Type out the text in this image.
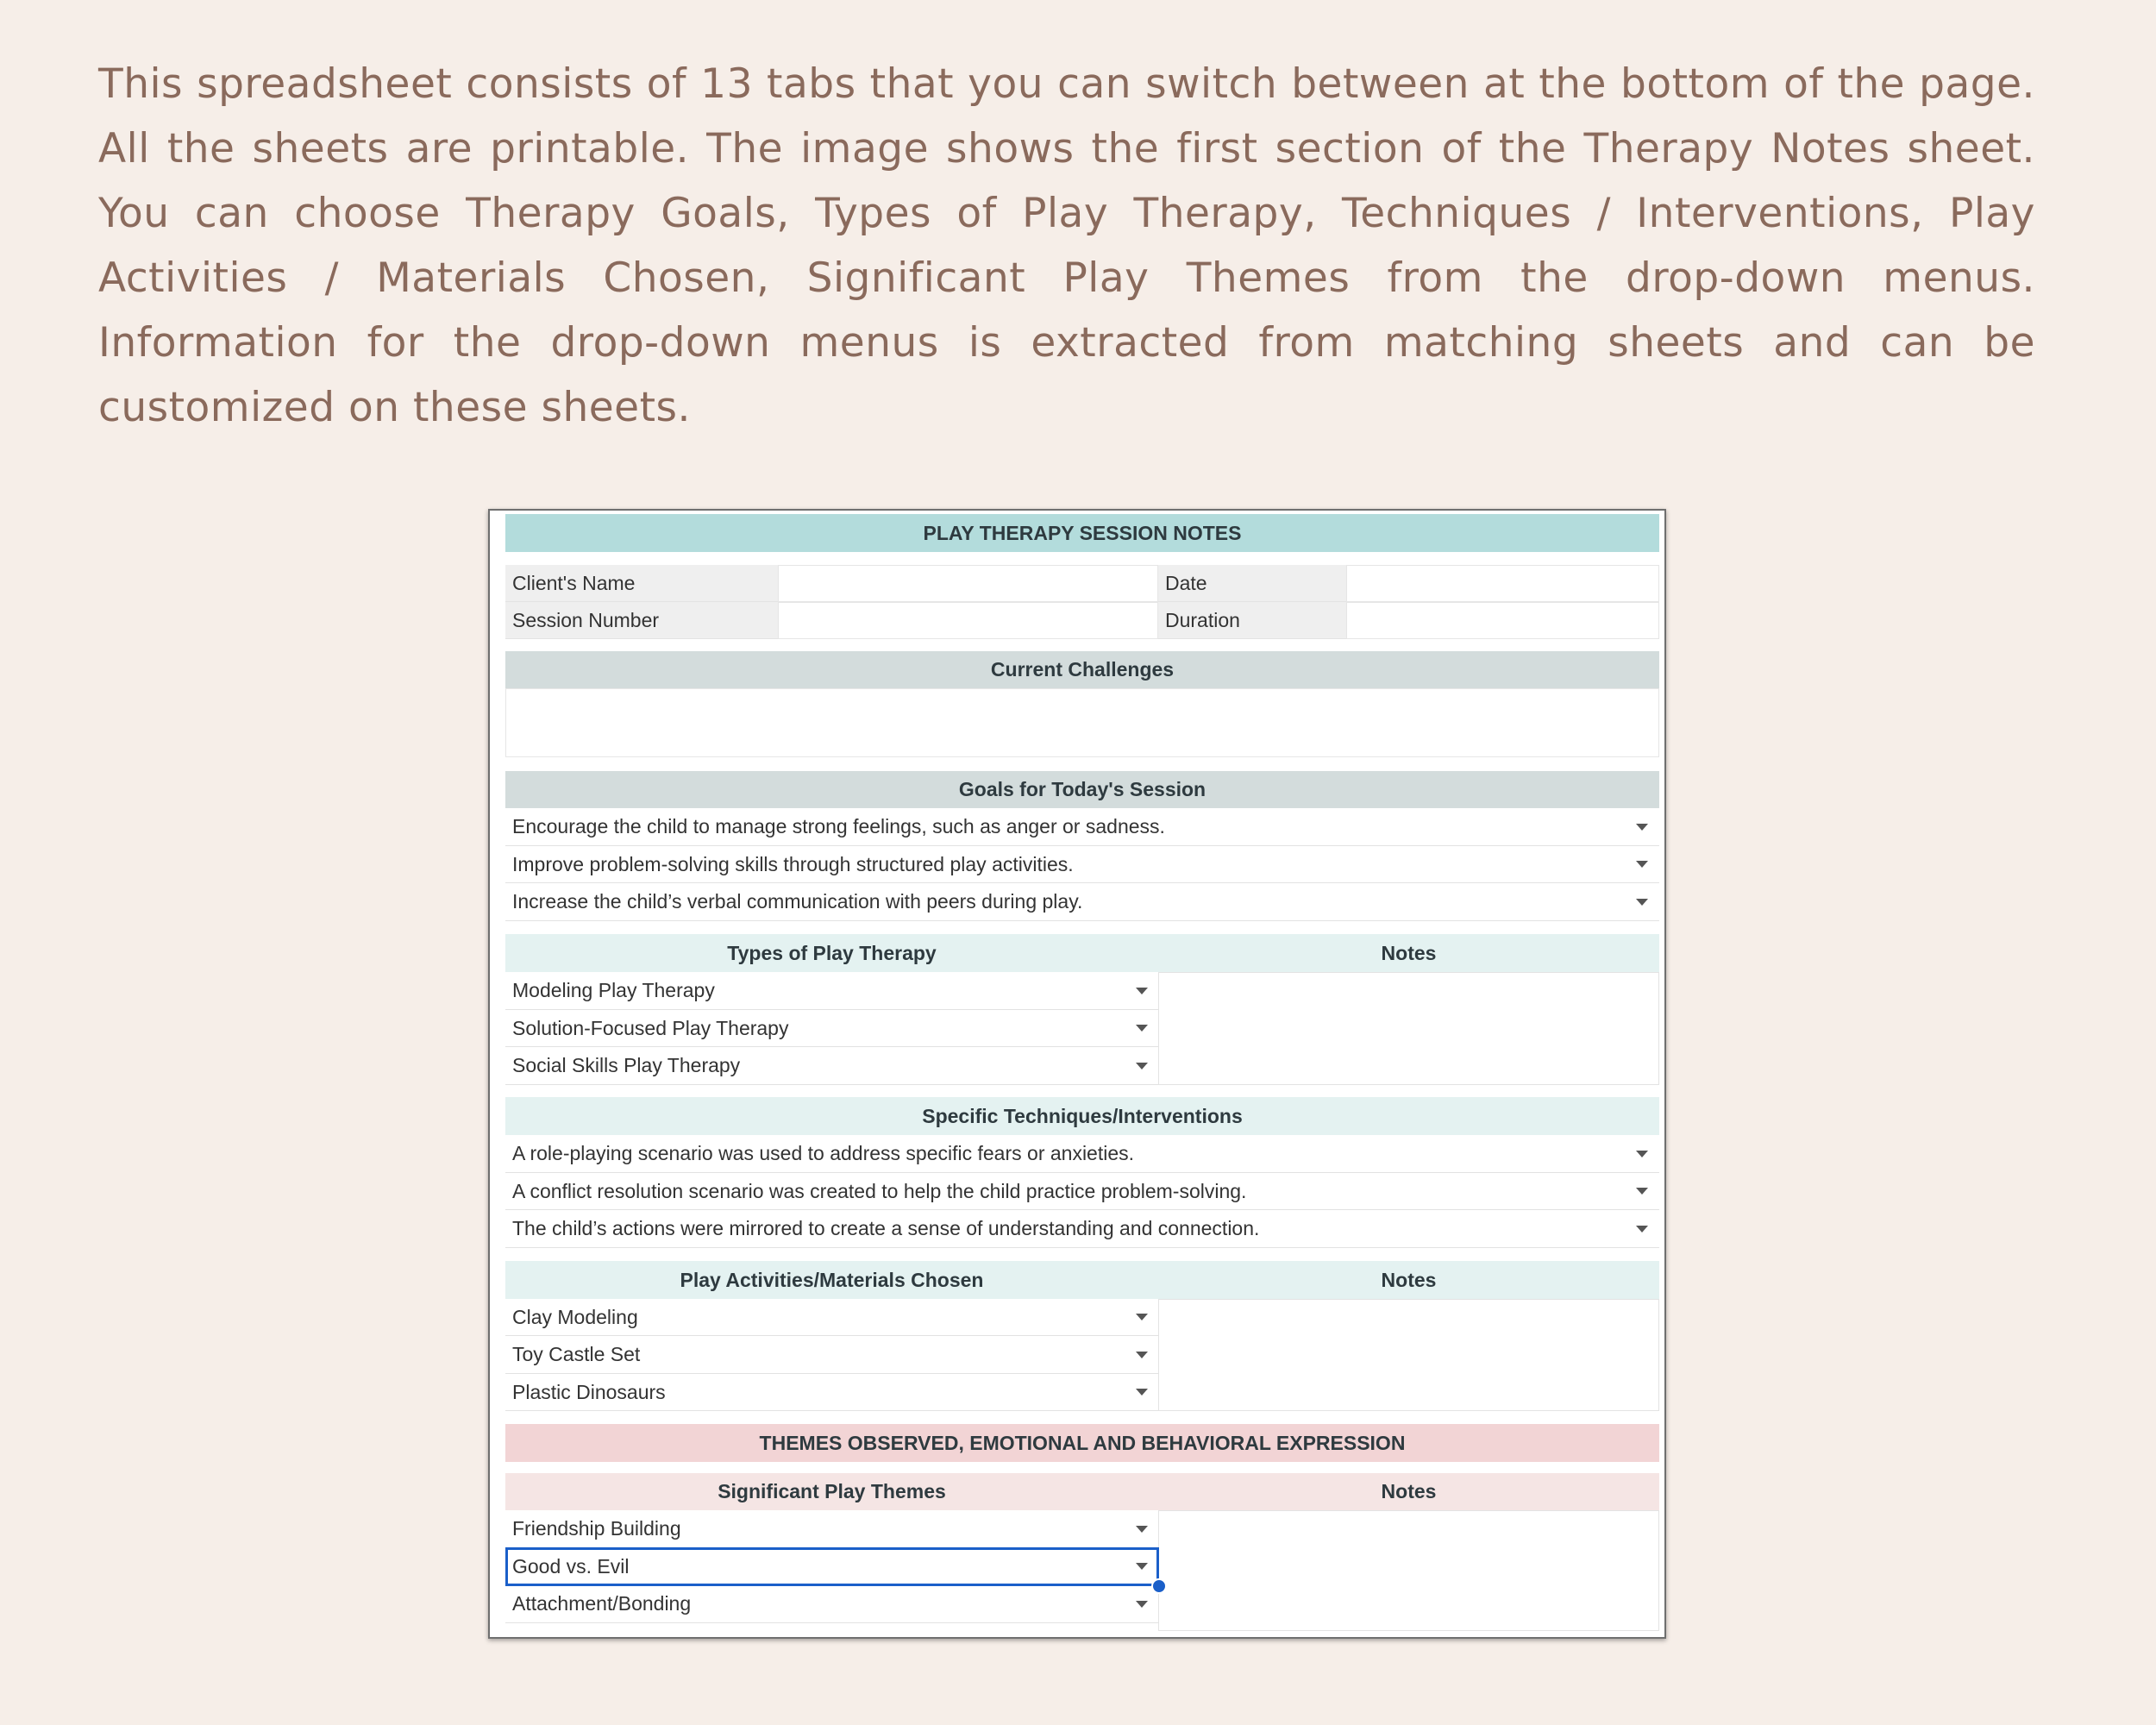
This spreadsheet consists of 13 tabs that you can switch between at the bottom of the page. All the sheets are printable. The image shows the first section of the Therapy Notes sheet. You can choose Therapy Goals, Types of Play Therapy, Techniques / Interventions, Play Activities / Materials Chosen, Significant Play Themes from the drop-down menus. Information for the drop-down menus is extracted from matching sheets and can be customized on these sheets.
PLAY THERAPY SESSION NOTES
Client's Name	Date
Session Number	Duration
Current Challenges
Goals for Today's Session
Encourage the child to manage strong feelings, such as anger or sadness.
Improve problem-solving skills through structured play activities.
Increase the child’s verbal communication with peers during play.
Types of Play Therapy	Notes
Modeling Play Therapy
Solution-Focused Play Therapy
Social Skills Play Therapy
Specific Techniques/Interventions
A role-playing scenario was used to address specific fears or anxieties.
A conflict resolution scenario was created to help the child practice problem-solving.
The child’s actions were mirrored to create a sense of understanding and connection.
Play Activities/Materials Chosen	Notes
Clay Modeling
Toy Castle Set
Plastic Dinosaurs
THEMES OBSERVED, EMOTIONAL AND BEHAVIORAL EXPRESSION
Significant Play Themes	Notes
Friendship Building
Good vs. Evil
Attachment/Bonding
